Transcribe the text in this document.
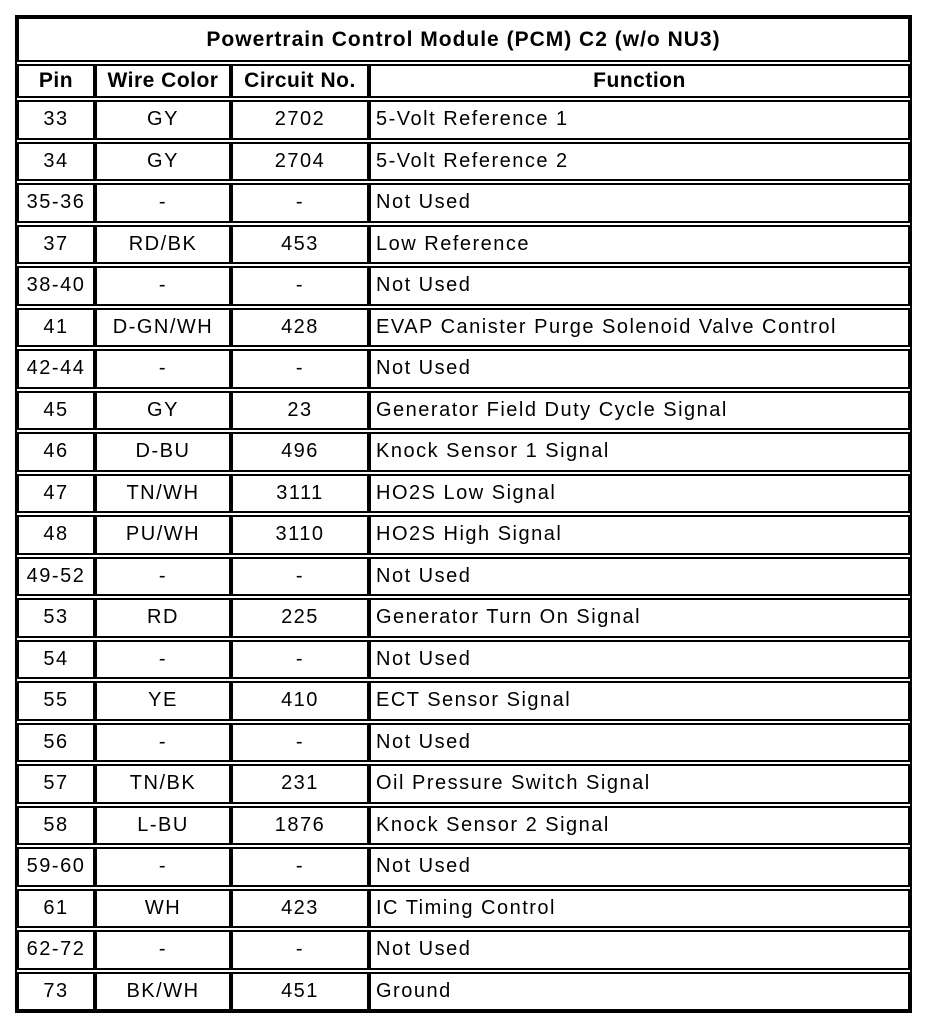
Powertrain Control Module (PCM) C2 (w/o NU3)
Pin	Wire Color	Circuit No.	Function
33	GY	2702	5-Volt Reference 1
34	GY	2704	5-Volt Reference 2
35-36	-	-	Not Used
37	RD/BK	453	Low Reference
38-40	-	-	Not Used
41	D-GN/WH	428	EVAP Canister Purge Solenoid Valve Control
42-44	-	-	Not Used
45	GY	23	Generator Field Duty Cycle Signal
46	D-BU	496	Knock Sensor 1 Signal
47	TN/WH	3111	HO2S Low Signal
48	PU/WH	3110	HO2S High Signal
49-52	-	-	Not Used
53	RD	225	Generator Turn On Signal
54	-	-	Not Used
55	YE	410	ECT Sensor Signal
56	-	-	Not Used
57	TN/BK	231	Oil Pressure Switch Signal
58	L-BU	1876	Knock Sensor 2 Signal
59-60	-	-	Not Used
61	WH	423	IC Timing Control
62-72	-	-	Not Used
73	BK/WH	451	Ground
